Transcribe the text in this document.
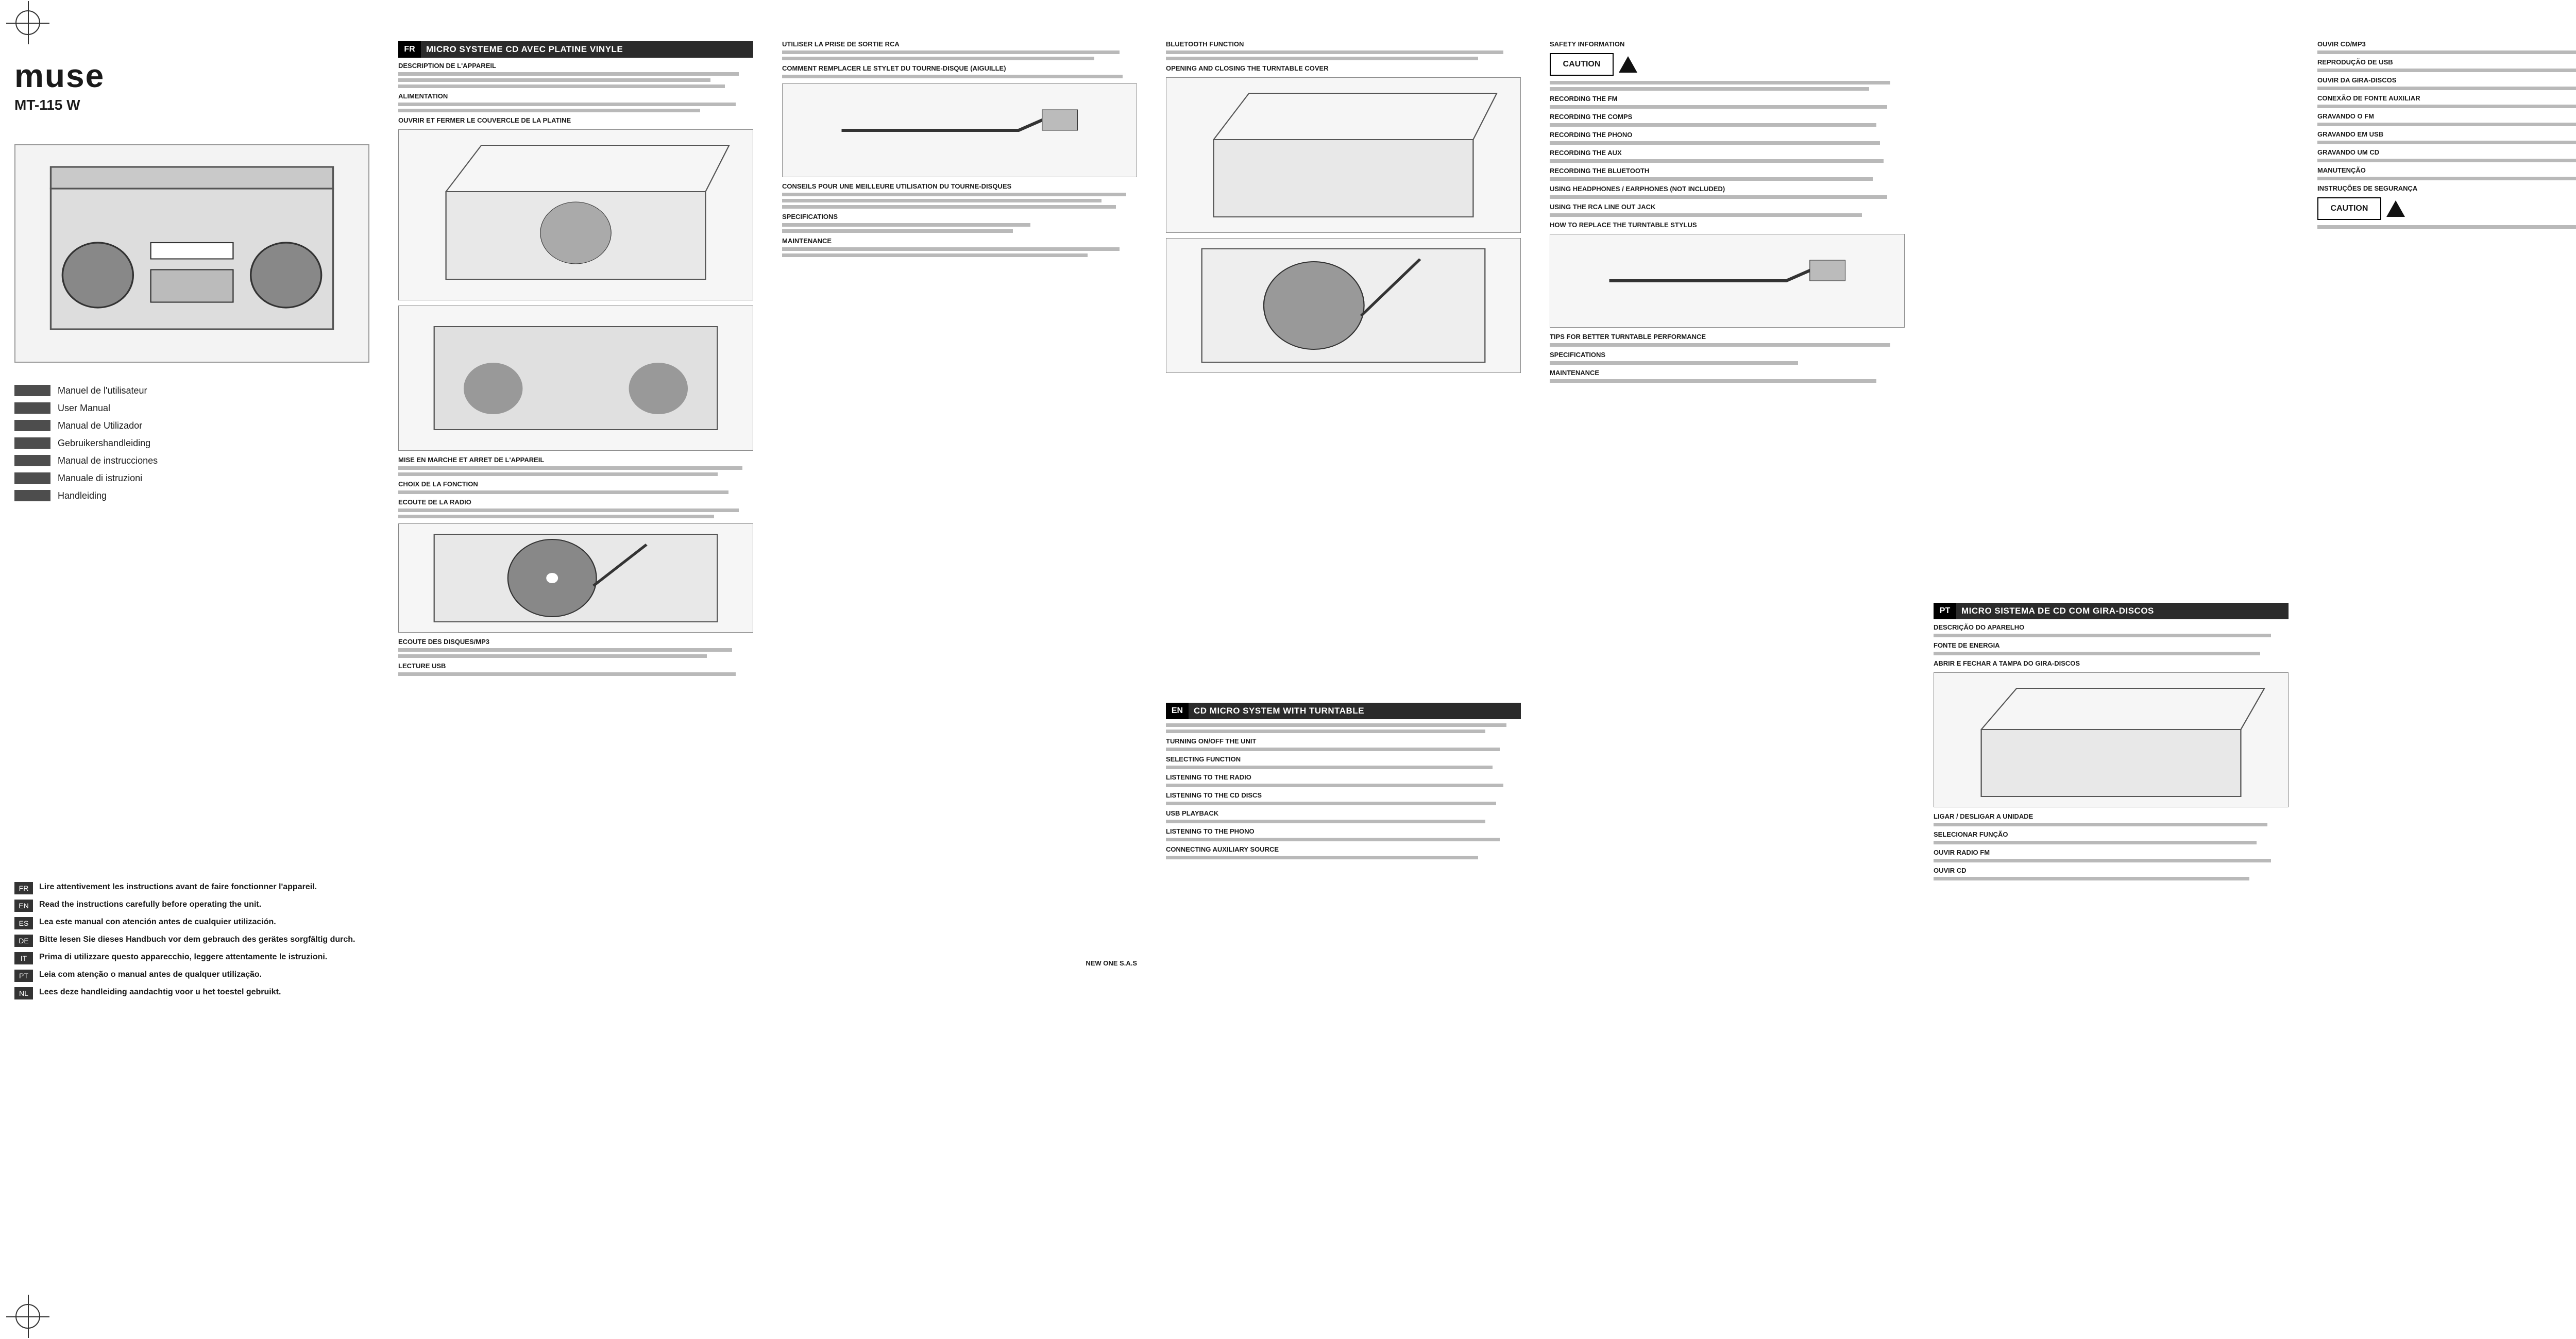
muse
MT-115 W
Manuel de l'utilisateur
User Manual
Manual de Utilizador
Gebruikershandleiding
Manual de instrucciones
Manuale di istruzioni
Handleiding
FR	Lire attentivement les instructions avant de faire fonctionner l'appareil.
EN	Read the instructions carefully before operating the unit.
ES	Lea este manual con atención antes de cualquier utilización.
DE	Bitte lesen Sie dieses Handbuch vor dem gebrauch des gerätes sorgfältig durch.
IT	Prima di utilizzare questo apparecchio, leggere attentamente le istruzioni.
PT	Leia com atenção o manual antes de qualquer utilização.
NL	Lees deze handleiding aandachtig voor u het toestel gebruikt.
FR	MICRO SYSTEME CD AVEC PLATINE VINYLE
DESCRIPTION DE L'APPAREIL
ALIMENTATION
OUVRIR ET FERMER LE COUVERCLE DE LA PLATINE
MISE EN MARCHE ET ARRET DE L'APPAREIL
CHOIX DE LA FONCTION
ECOUTE DE LA RADIO
ECOUTE DES DISQUES/MP3
LECTURE USB
UTILISER LA PRISE DE SORTIE RCA
COMMENT REMPLACER LE STYLET DU TOURNE-DISQUE (AIGUILLE)
CONSEILS POUR UNE MEILLEURE UTILISATION DU TOURNE-DISQUES
SPECIFICATIONS
MAINTENANCE
NEW ONE S.A.S
BLUETOOTH FUNCTION
OPENING AND CLOSING THE TURNTABLE COVER
EN	CD MICRO SYSTEM WITH TURNTABLE
TURNING ON/OFF THE UNIT
SELECTING FUNCTION
LISTENING TO THE RADIO
LISTENING TO THE CD DISCS
USB PLAYBACK
LISTENING TO THE PHONO
CONNECTING AUXILIARY SOURCE
SAFETY INFORMATION
CAUTION
RECORDING THE FM
RECORDING THE COMPS
RECORDING THE PHONO
RECORDING THE AUX
RECORDING THE BLUETOOTH
USING HEADPHONES / EARPHONES (NOT INCLUDED)
USING THE RCA LINE OUT JACK
HOW TO REPLACE THE TURNTABLE STYLUS
TIPS FOR BETTER TURNTABLE PERFORMANCE
SPECIFICATIONS
MAINTENANCE
PT	MICRO SISTEMA DE CD COM GIRA-DISCOS
DESCRIÇÃO DO APARELHO
FONTE DE ENERGIA
ABRIR E FECHAR A TAMPA DO GIRA-DISCOS
LIGAR / DESLIGAR A UNIDADE
SELECIONAR FUNÇÃO
OUVIR RADIO FM
OUVIR CD
OUVIR CD/MP3
REPRODUÇÃO DE USB
OUVIR DA GIRA-DISCOS
CONEXÃO DE FONTE AUXILIAR
GRAVANDO O FM
GRAVANDO EM USB
GRAVANDO UM CD
MANUTENÇÃO
INSTRUÇÕES DE SEGURANÇA
CAUTION
